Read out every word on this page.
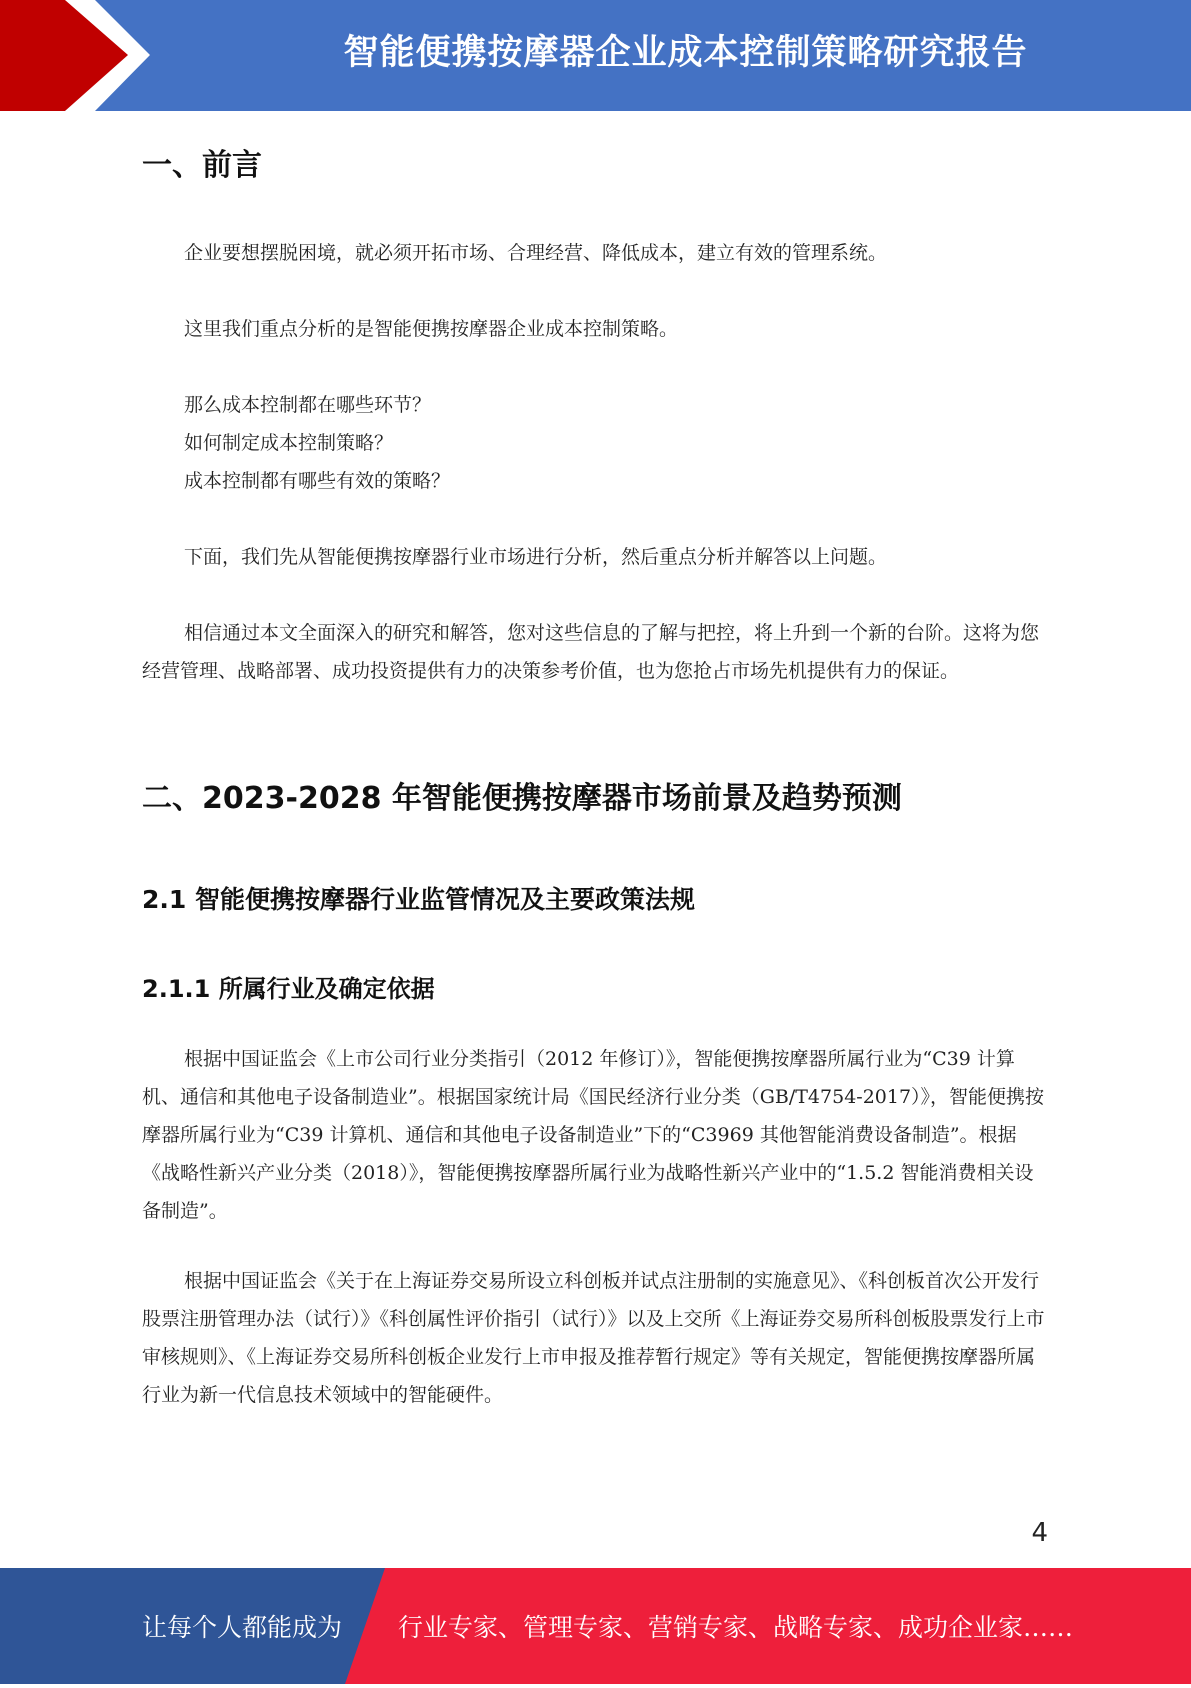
智能便携按摩器企业成本控制策略研究报告
一、前言

企业要想摆脱困境，就必须开拓市场、合理经营、降低成本，建立有效的管理系统。

这里我们重点分析的是智能便携按摩器企业成本控制策略。

那么成本控制都在哪些环节？
如何制定成本控制策略？
成本控制都有哪些有效的策略？

下面，我们先从智能便携按摩器行业市场进行分析，然后重点分析并解答以上问题。

相信通过本文全面深入的研究和解答，您对这些信息的了解与把控，将上升到一个新的台阶。这将为您经营管理、战略部署、成功投资提供有力的决策参考价值，也为您抢占市场先机提供有力的保证。

二、2023-2028 年智能便携按摩器市场前景及趋势预测
2.1 智能便携按摩器行业监管情况及主要政策法规
2.1.1 所属行业及确定依据

根据中国证监会《上市公司行业分类指引（2012 年修订）》，智能便携按摩器所属行业为“C39 计算机、通信和其他电子设备制造业”。根据国家统计局《国民经济行业分类（GB/T4754-2017）》，智能便携按摩器所属行业为“C39 计算机、通信和其他电子设备制造业”下的“C3969 其他智能消费设备制造”。根据《战略性新兴产业分类（2018）》，智能便携按摩器所属行业为战略性新兴产业中的“1.5.2 智能消费相关设备制造”。

根据中国证监会《关于在上海证券交易所设立科创板并试点注册制的实施意见》、《科创板首次公开发行股票注册管理办法（试行）》《科创属性评价指引（试行）》以及上交所《上海证券交易所科创板股票发行上市审核规则》、《上海证券交易所科创板企业发行上市申报及推荐暂行规定》等有关规定，智能便携按摩器所属行业为新一代信息技术领域中的智能硬件。

4
让每个人都能成为 行业专家、管理专家、营销专家、战略专家、成功企业家……
